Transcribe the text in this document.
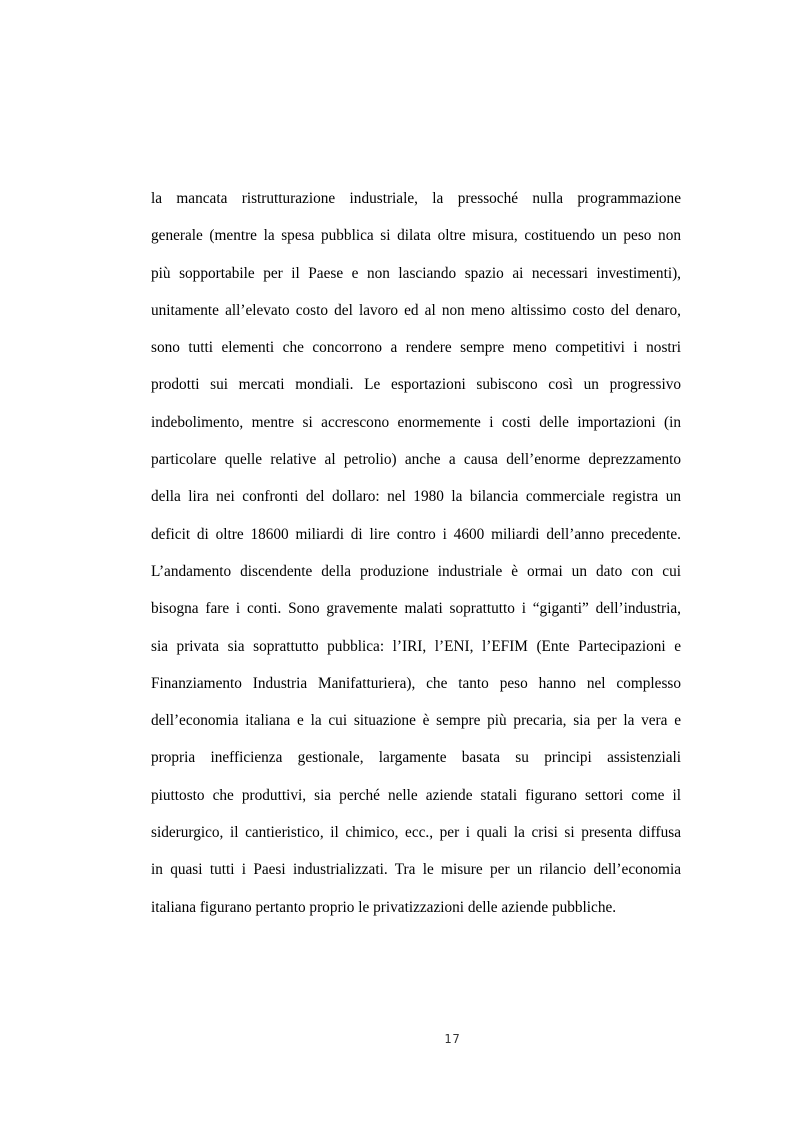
la mancata ristrutturazione industriale, la pressoché nulla programmazione
generale (mentre la spesa pubblica si dilata oltre misura, costituendo un peso non
più sopportabile per il Paese e non lasciando spazio ai necessari investimenti),
unitamente all’elevato costo del lavoro ed al non meno altissimo costo del denaro,
sono tutti elementi che concorrono a rendere sempre meno competitivi i nostri
prodotti sui mercati mondiali. Le esportazioni subiscono così un progressivo
indebolimento, mentre si accrescono enormemente i costi delle importazioni (in
particolare quelle relative al petrolio) anche a causa dell’enorme deprezzamento
della lira nei confronti del dollaro: nel 1980 la bilancia commerciale registra un
deficit di oltre 18600 miliardi di lire contro i 4600 miliardi dell’anno precedente.
L’andamento discendente della produzione industriale è ormai un dato con cui
bisogna fare i conti. Sono gravemente malati soprattutto i “giganti” dell’industria,
sia privata sia soprattutto pubblica: l’IRI, l’ENI, l’EFIM (Ente Partecipazioni e
Finanziamento Industria Manifatturiera), che tanto peso hanno nel complesso
dell’economia italiana e la cui situazione è sempre più precaria, sia per la vera e
propria inefficienza gestionale, largamente basata su principi assistenziali
piuttosto che produttivi, sia perché nelle aziende statali figurano settori come il
siderurgico, il cantieristico, il chimico, ecc., per i quali la crisi si presenta diffusa
in quasi tutti i Paesi industrializzati. Tra le misure per un rilancio dell’economia
italiana figurano pertanto proprio le privatizzazioni delle aziende pubbliche.
17
